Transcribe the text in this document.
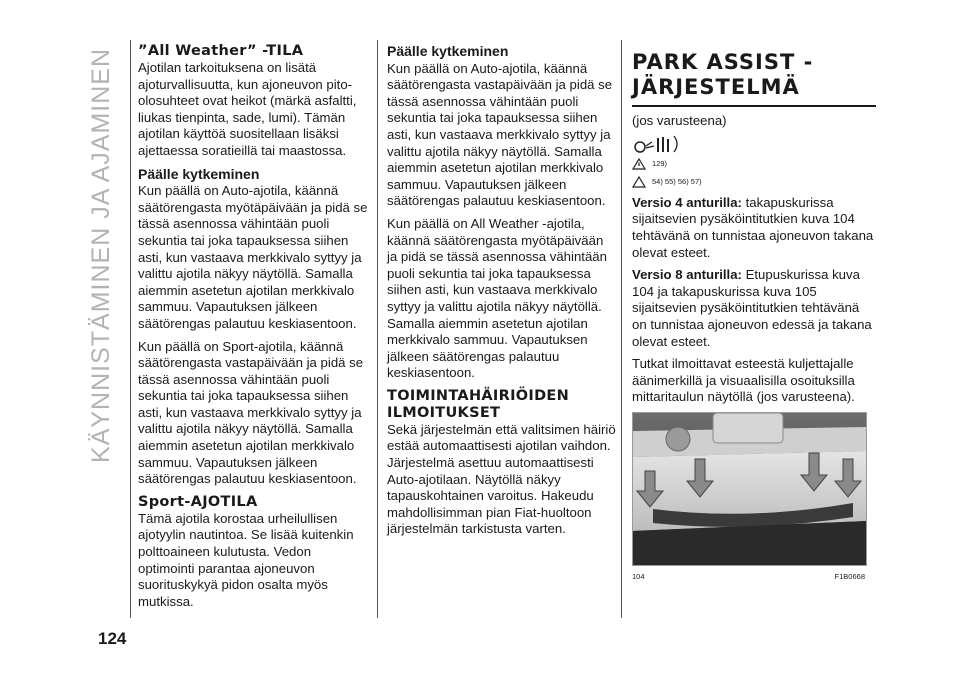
KÄYNNISTÄMINEN JA AJAMINEN
124
”All Weather” -TILA

Ajotilan tarkoituksena on lisätä ajoturvallisuutta, kun ajoneuvon pito-olosuhteet ovat heikot (märkä asfaltti, liukas tienpinta, sade, lumi). Tämän ajotilan käyttöä suositellaan lisäksi ajettaessa soratieillä tai maastossa.

Päälle kytkeminen

Kun päällä on Auto-ajotila, käännä säätörengasta myötäpäivään ja pidä se tässä asennossa vähintään puoli sekuntia tai joka tapauksessa siihen asti, kun vastaava merkkivalo syttyy ja valittu ajotila näkyy näytöllä. Samalla aiemmin asetetun ajotilan merkkivalo sammuu. Vapautuksen jälkeen säätörengas palautuu keskiasentoon.

Kun päällä on Sport-ajotila, käännä säätörengasta vastapäivään ja pidä se tässä asennossa vähintään puoli sekuntia tai joka tapauksessa siihen asti, kun vastaava merkkivalo syttyy ja valittu ajotila näkyy näytöllä. Samalla aiemmin asetetun ajotilan merkkivalo sammuu. Vapautuksen jälkeen säätörengas palautuu keskiasentoon.

Sport-AJOTILA

Tämä ajotila korostaa urheilullisen ajotyylin nautintoa. Se lisää kuitenkin polttoaineen kulutusta. Vedon optimointi parantaa ajoneuvon suorituskykyä pidon osalta myös mutkissa.

Päälle kytkeminen

Kun päällä on Auto-ajotila, käännä säätörengasta vastapäivään ja pidä se tässä asennossa vähintään puoli sekuntia tai joka tapauksessa siihen asti, kun vastaava merkkivalo syttyy ja valittu ajotila näkyy näytöllä. Samalla aiemmin asetetun ajotilan merkkivalo sammuu. Vapautuksen jälkeen säätörengas palautuu keskiasentoon.

Kun päällä on All Weather -ajotila, käännä säätörengasta myötäpäivään ja pidä se tässä asennossa vähintään puoli sekuntia tai joka tapauksessa siihen asti, kun vastaava merkkivalo syttyy ja valittu ajotila näkyy näytöllä. Samalla aiemmin asetetun ajotilan merkkivalo sammuu. Vapautuksen jälkeen säätörengas palautuu keskiasentoon.

TOIMINTAHÄIRIÖIDEN ILMOITUKSET

Sekä järjestelmän että valitsimen häiriö estää automaattisesti ajotilan vaihdon. Järjestelmä asettuu automaattisesti Auto-ajotilaan. Näytöllä näkyy tapauskohtainen varoitus. Hakeudu mahdollisimman pian Fiat-huoltoon järjestelmän tarkistusta varten.

PARK ASSIST -JÄRJESTELMÄ
(jos varusteena)
129)
54) 55) 56) 57)

Versio 4 anturilla: takapuskurissa sijaitsevien pysäköintitutkien kuva 104 tehtävänä on tunnistaa ajoneuvon takana olevat esteet.

Versio 8 anturilla: Etupuskurissa kuva 104 ja takapuskurissa kuva 105 sijaitsevien pysäköintitutkien tehtävänä on tunnistaa ajoneuvon edessä ja takana olevat esteet.

Tutkat ilmoittavat esteestä kuljettajalle äänimerkillä ja visuaalisilla osoituksilla mittaritaulun näytöllä (jos varusteena).

104	F1B0668
